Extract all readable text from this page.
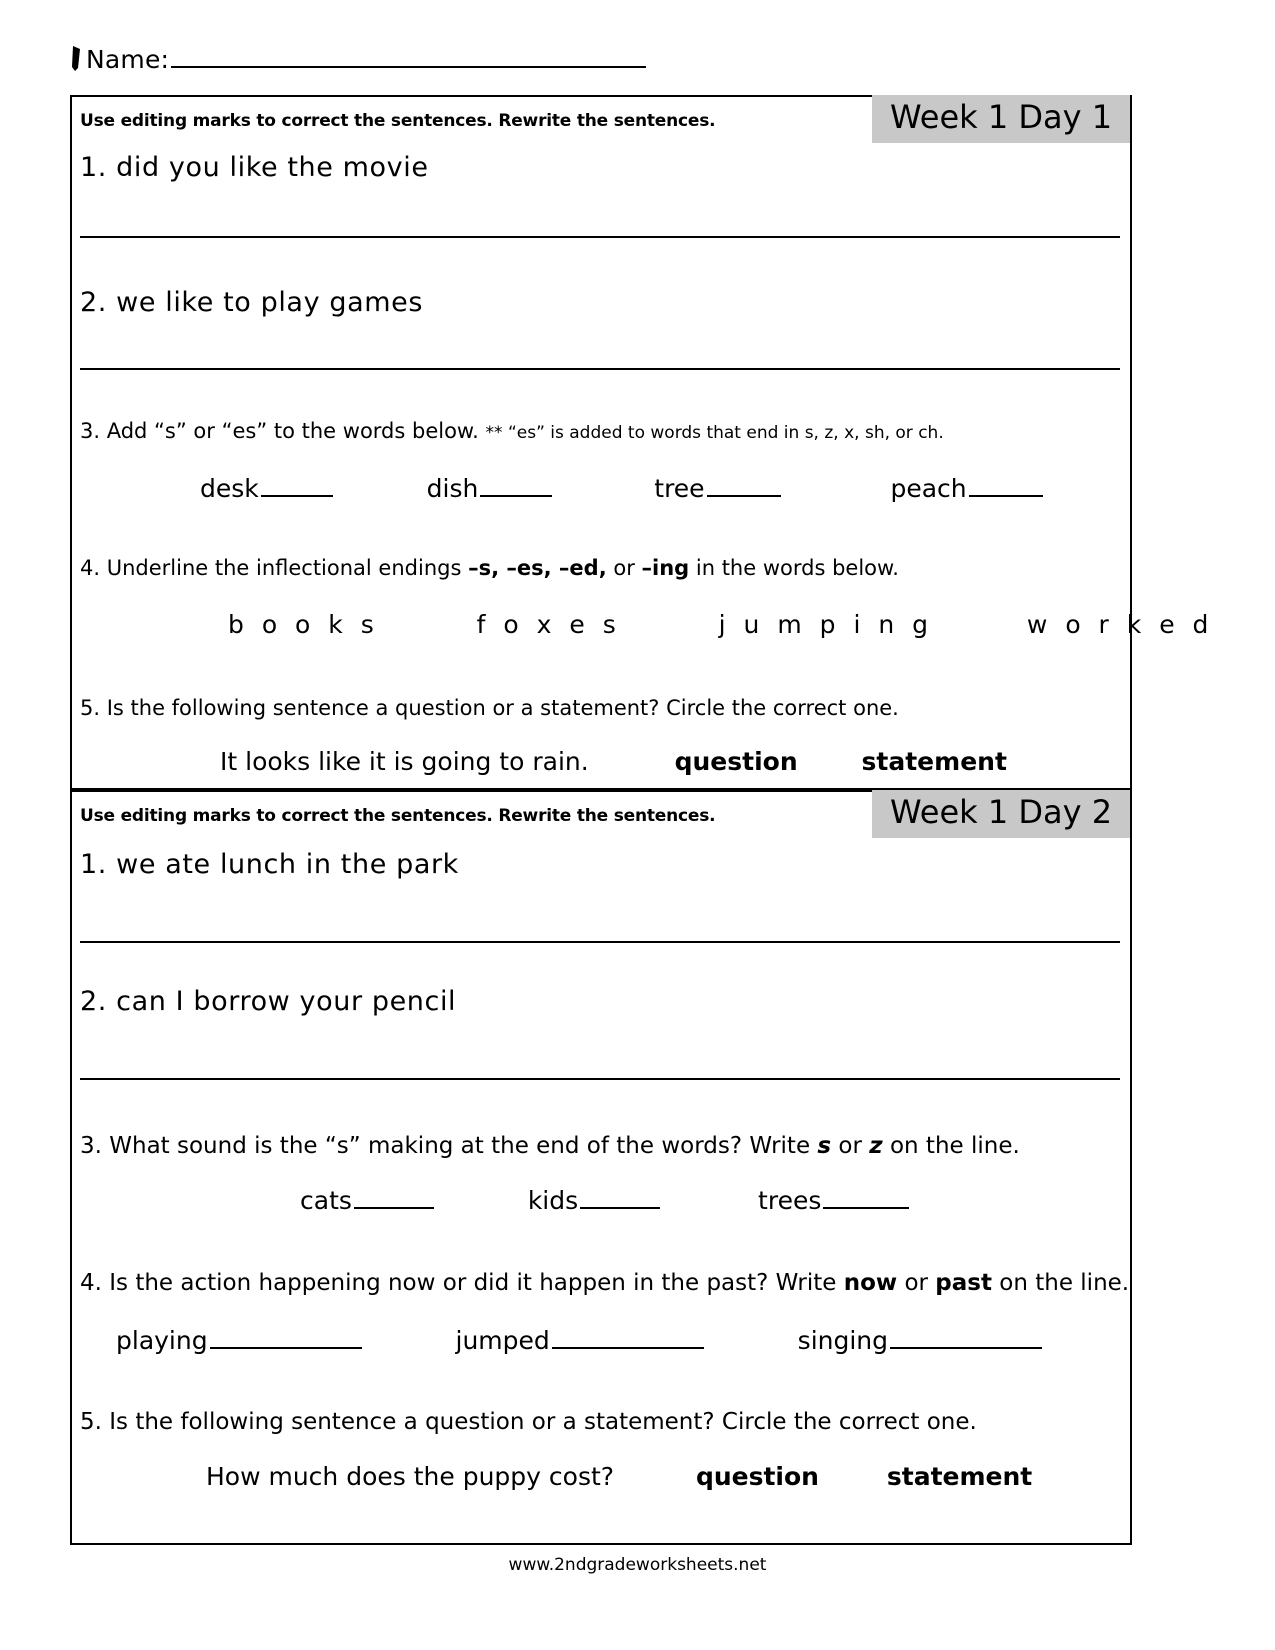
Name:
Week 1 Day 1
Use editing marks to correct the sentences. Rewrite the sentences.
1. did you like the movie
2. we like to play games
3. Add “s” or “es” to the words below. ** “es” is added to words that end in s, z, x, sh, or ch.
desk	dish	tree	peach
4. Underline the inflectional endings –s, –es, –ed, or –ing in the words below.
b o o k s	f o x e s	j u m p i n g	w o r k e d
5. Is the following sentence a question or a statement? Circle the correct one.
It looks like it is going to rain.	question	statement
Week 1 Day 2
Use editing marks to correct the sentences. Rewrite the sentences.
1. we ate lunch in the park
2. can I borrow your pencil
3. What sound is the “s” making at the end of the words? Write s or z on the line.
cats	kids	trees
4. Is the action happening now or did it happen in the past? Write now or past on the line.
playing	jumped	singing
5. Is the following sentence a question or a statement? Circle the correct one.
How much does the puppy cost?	question	statement
www.2ndgradeworksheets.net
